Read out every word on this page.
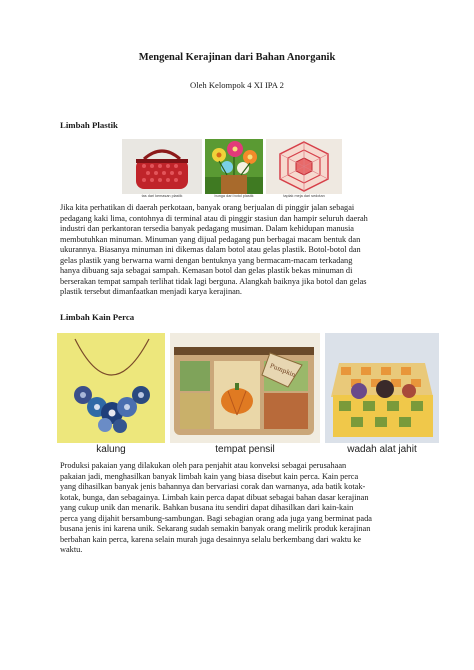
Mengenal Kerajinan dari Bahan Anorganik
Oleh Kelompok 4 XI IPA 2
Limbah Plastik
tas dari kemasan plastik	bunga dari botol plastik	taplak meja dari sedotan
Jika kita perhatikan di daerah perkotaan, banyak orang berjualan di pinggir jalan sebagai
pedagang kaki lima, contohnya di terminal atau di pinggir stasiun dan hampir seluruh daerah
industri dan perkantoran tersedia banyak pedagang musiman. Dalam kehidupan manusia
membutuhkan minuman. Minuman yang dijual pedagang pun berbagai macam bentuk dan
ukurannya. Biasanya minuman ini dikemas dalam botol atau gelas plastik. Botol-botol dan
gelas plastik yang berwarna warni dengan bentuknya yang bermacam-macam terkadang
hanya dibuang saja sebagai sampah. Kemasan botol dan gelas plastik bekas minuman di
berserakan tempat sampah terlihat tidak lagi berguna. Alangkah baiknya jika botol dan gelas
plastik tersebut dimanfaatkan menjadi karya kerajinan.
Limbah Kain Perca
Pumpkin
kalung	tempat pensil	wadah alat jahit
Produksi pakaian yang dilakukan oleh para penjahit atau konveksi sebagai perusahaan
pakaian jadi, menghasilkan banyak limbah kain yang biasa disebut kain perca. Kain perca
yang dihasilkan banyak jenis bahannya dan bervariasi corak dan warnanya, ada batik kotak-
kotak, bunga, dan sebagainya. Limbah kain perca dapat dibuat sebagai bahan dasar kerajinan
yang cukup unik dan menarik. Bahkan busana itu sendiri dapat dihasilkan dari kain-kain
perca yang dijahit bersambung-sambungan. Bagi sebagian orang ada juga yang berminat pada
busana jenis ini karena unik. Sekarang sudah semakin banyak orang melirik produk kerajinan
berbahan kain perca, karena selain murah juga desainnya selalu berkembang dari waktu ke
waktu.
